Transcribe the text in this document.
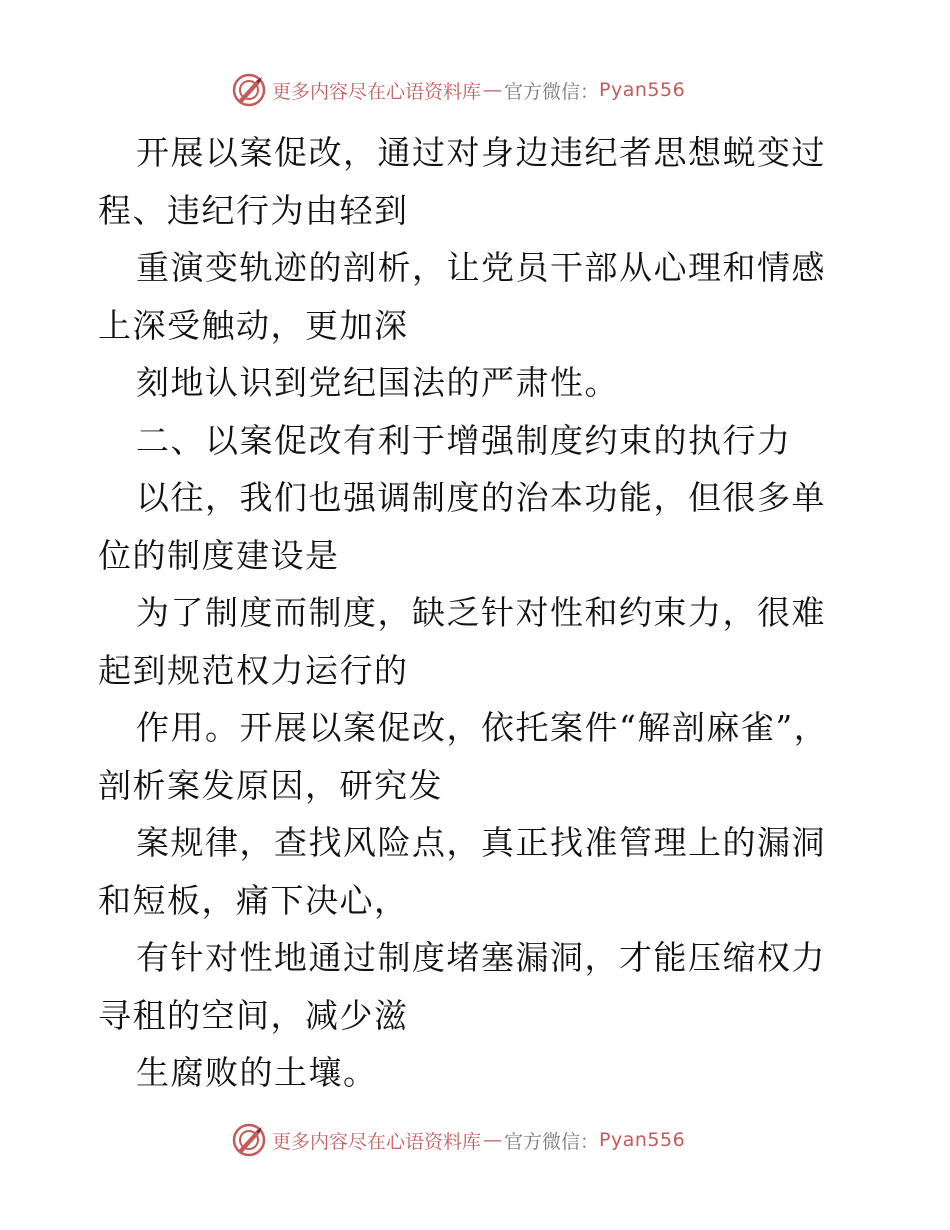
更多内容尽在心语资料库 — 官方微信： Pyan556

开展以案促改，通过对身边违纪者思想蜕变过程、违纪行为由轻到

重演变轨迹的剖析，让党员干部从心理和情感上深受触动，更加深

刻地认识到党纪国法的严肃性。

二、以案促改有利于增强制度约束的执行力

以往，我们也强调制度的治本功能，但很多单位的制度建设是

为了制度而制度，缺乏针对性和约束力，很难起到规范权力运行的

作用。开展以案促改，依托案件“解剖麻雀”，剖析案发原因，研究发

案规律，查找风险点，真正找准管理上的漏洞和短板，痛下决心，

有针对性地通过制度堵塞漏洞，才能压缩权力寻租的空间，减少滋

生腐败的土壤。

更多内容尽在心语资料库 — 官方微信： Pyan556
